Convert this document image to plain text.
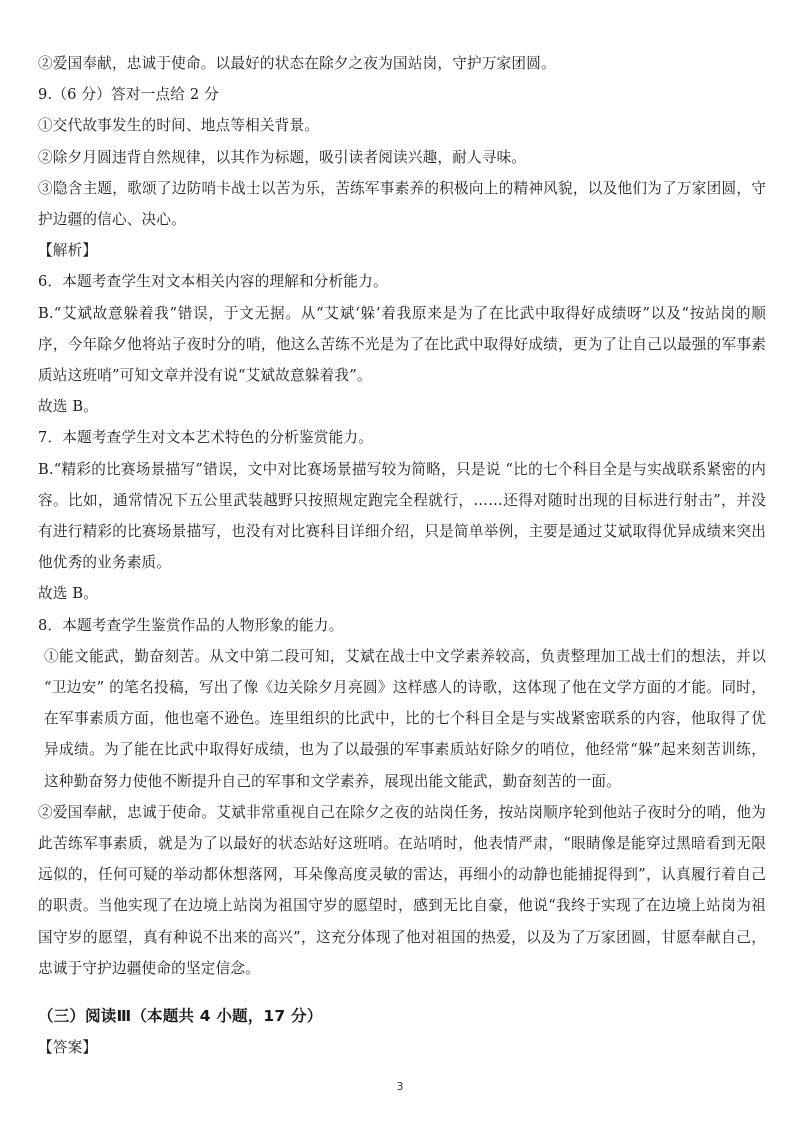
②爱国奉献，忠诚于使命。以最好的状态在除夕之夜为国站岗，守护万家团圆。

9.（6 分）答对一点给 2 分

①交代故事发生的时间、地点等相关背景。

②除夕月圆违背自然规律，以其作为标题，吸引读者阅读兴趣，耐人寻味。

③隐含主题，歌颂了边防哨卡战士以苦为乐，苦练军事素养的积极向上的精神风貌，以及他们为了万家团圆，守护边疆的信心、决心。

【解析】

6．本题考查学生对文本相关内容的理解和分析能力。

B.“艾斌故意躲着我”错误，于文无据。从“艾斌‘躲’着我原来是为了在比武中取得好成绩呀”以及“按站岗的顺序，今年除夕他将站子夜时分的哨，他这么苦练不光是为了在比武中取得好成绩，更为了让自己以最强的军事素质站这班哨”可知文章并没有说“艾斌故意躲着我”。

故选 B。

7．本题考查学生对文本艺术特色的分析鉴赏能力。

B.“精彩的比赛场景描写”错误，文中对比赛场景描写较为简略，只是说 “比的七个科目全是与实战联系紧密的内容。比如，通常情况下五公里武装越野只按照规定跑完全程就行，……还得对随时出现的目标进行射击”，并没有进行精彩的比赛场景描写，也没有对比赛科目详细介绍，只是简单举例，主要是通过艾斌取得优异成绩来突出他优秀的业务素质。

故选 B。

8．本题考查学生鉴赏作品的人物形象的能力。

①能文能武，勤奋刻苦。从文中第二段可知，艾斌在战士中文学素养较高，负责整理加工战士们的想法，并以 “卫边安” 的笔名投稿，写出了像《边关除夕月亮圆》这样感人的诗歌，这体现了他在文学方面的才能。同时，在军事素质方面，他也毫不逊色。连里组织的比武中，比的七个科目全是与实战紧密联系的内容，他取得了优异成绩。为了能在比武中取得好成绩，也为了以最强的军事素质站好除夕的哨位，他经常“躲”起来刻苦训练，这种勤奋努力使他不断提升自己的军事和文学素养，展现出能文能武，勤奋刻苦的一面。

②爱国奉献，忠诚于使命。艾斌非常重视自己在除夕之夜的站岗任务，按站岗顺序轮到他站子夜时分的哨，他为此苦练军事素质，就是为了以最好的状态站好这班哨。在站哨时，他表情严肃，“眼睛像是能穿过黑暗看到无限远似的，任何可疑的举动都休想落网，耳朵像高度灵敏的雷达，再细小的动静也能捕捉得到”，认真履行着自己的职责。当他实现了在边境上站岗为祖国守岁的愿望时，感到无比自豪，他说“我终于实现了在边境上站岗为祖国守岁的愿望，真有种说不出来的高兴”，这充分体现了他对祖国的热爱，以及为了万家团圆，甘愿奉献自己，忠诚于守护边疆使命的坚定信念。

（三）阅读Ⅲ（本题共 4 小题，17 分）

【答案】

3
